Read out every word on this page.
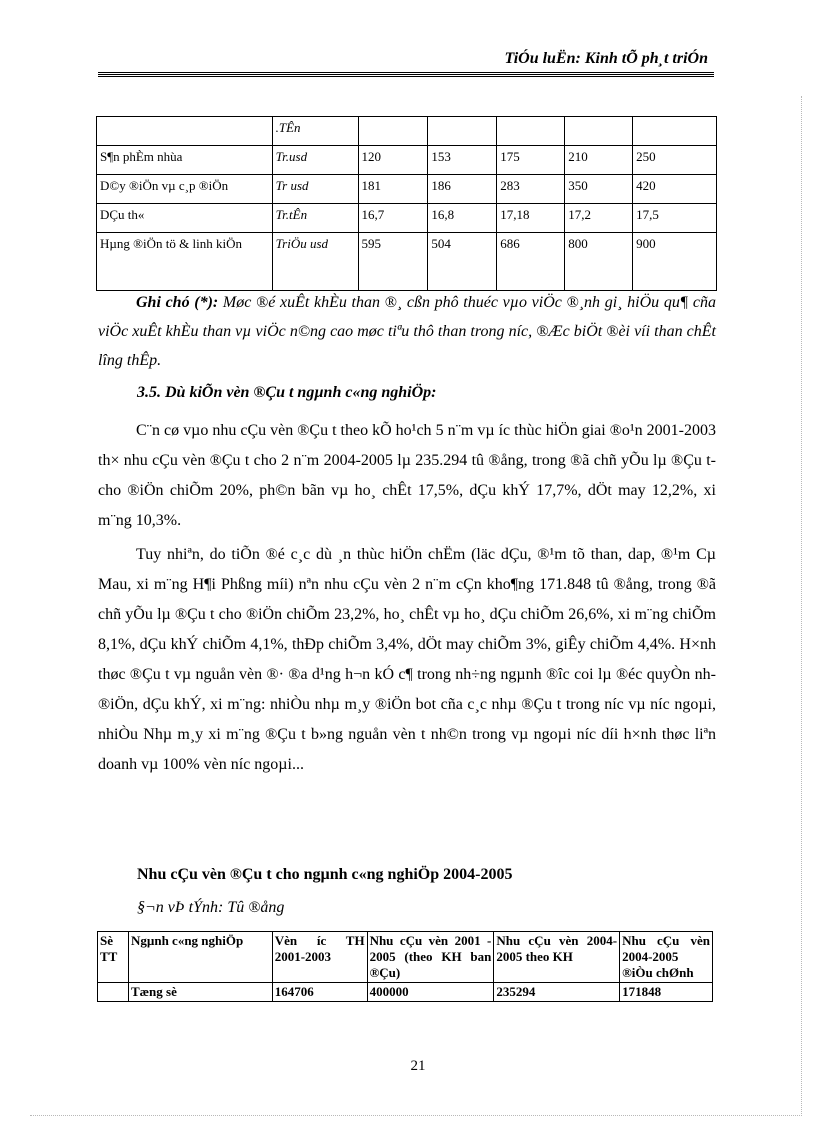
TiÓu luËn: Kinh tÕ ph¸t triÓn
	.TÊn					
S¶n phÈm nhùa	Tr.usd	120	153	175	210	250
D©y ®iÖn vµ c¸p ®iÖn	Tr usd	181	186	283	350	420
DÇu th«	Tr.tÊn	16,7	16,8	17,18	17,2	17,5
Hµng ®iÖn tö & linh kiÖn	TriÖu usd	595	504	686	800	900

Ghi chó (*): Møc ®é xuÊt khÈu than ®¸ cßn phô thuéc vµo viÖc ®¸nh gi¸ hiÖu qu¶ cña viÖc xuÊt khÈu than vµ viÖc n©ng cao møc tiªu thô than trong níc, ®Æc biÖt ®èi víi than chÊt lîng thÊp.

3.5. Dù kiÕn vèn ®Çu t ngµnh c«ng nghiÖp:

C¨n cø vµo nhu cÇu vèn ®Çu t theo kÕ ho¹ch 5 n¨m vµ íc thùc hiÖn giai ®o¹n 2001-2003 th× nhu cÇu vèn ®Çu t cho 2 n¨m 2004-2005 lµ 235.294 tû ®ång, trong ®ã chñ yÕu lµ ®Çu t cho ®iÖn chiÕm 20%, ph©n bãn vµ ho¸ chÊt 17,5%, dÇu khÝ 17,7%, dÖt may 12,2%, xi m¨ng 10,3%.

Tuy nhiªn, do tiÕn ®é c¸c dù ¸n thùc hiÖn chËm (läc dÇu, ®¹m tõ than, dap, ®¹m Cµ Mau, xi m¨ng H¶i Phßng míi) nªn nhu cÇu vèn 2 n¨m cÇn kho¶ng 171.848 tû ®ång, trong ®ã chñ yÕu lµ ®Çu t cho ®iÖn chiÕm 23,2%, ho¸ chÊt vµ ho¸ dÇu chiÕm 26,6%, xi m¨ng chiÕm 8,1%, dÇu khÝ chiÕm 4,1%, thÐp chiÕm 3,4%, dÖt may chiÕm 3%, giÊy chiÕm 4,4%. H×nh thøc ®Çu t vµ nguån vèn ®· ®a d¹ng h¬n kÓ c¶ trong nh÷ng ngµnh ®îc coi lµ ®éc quyÒn nh ®iÖn, dÇu khÝ, xi m¨ng: nhiÒu nhµ m¸y ®iÖn bot cña c¸c nhµ ®Çu t trong níc vµ níc ngoµi, nhiÒu Nhµ m¸y xi m¨ng ®Çu t b»ng nguån vèn t nh©n trong vµ ngoµi níc díi h×nh thøc liªn doanh vµ 100% vèn níc ngoµi...

Nhu cÇu vèn ®Çu t cho ngµnh c«ng nghiÖp 2004-2005
§¬n vÞ tÝnh: Tû ®ång
Sè TT	Ngµnh c«ng nghiÖp	Vèn íc TH 2001-2003	Nhu cÇu vèn 2001 - 2005 (theo KH ban ®Çu)	Nhu cÇu vèn 2004-2005 theo KH	Nhu cÇu vèn 2004-2005 ®iÒu chØnh
	Tæng sè	164706	400000	235294	171848
21
